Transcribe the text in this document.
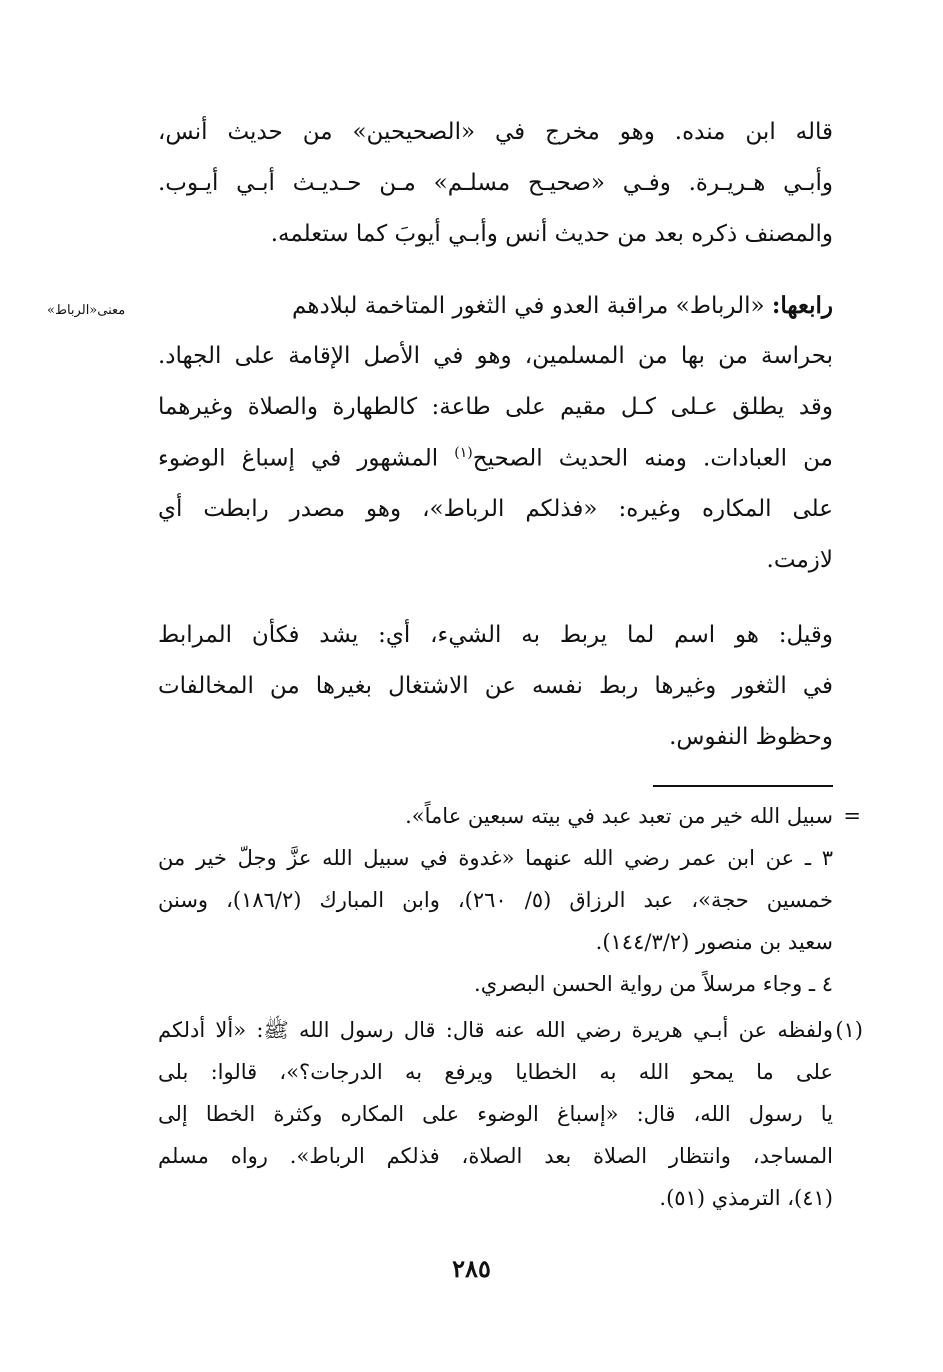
قاله ابن منده. وهو مخرج في «الصحيحين» من حديث أنس،
وأبـي هـريـرة. وفـي «صحيـح مسلـم» مـن حـديـث أبـي أيـوب.
والمصنف ذكره بعد من حديث أنس وأبـي أيوبَ كما ستعلمه.
رابعها: «الرباط» مراقبة العدو في الثغور المتاخمة لبلادهم
معنى«الرباط»
بحراسة من بها من المسلمين، وهو في الأصل الإقامة على الجهاد.
وقد يطلق عـلى كـل مقيم على طاعة: كالطهارة والصلاة وغيرهما
من العبادات. ومنه الحديث الصحيح$^{(١)}$ المشهور في إسباغ الوضوء
على المكاره وغيره: «فذلكم الرباط»، وهو مصدر رابطت أي
لازمت.
وقيل: هو اسم لما يربط به الشيء، أي: يشد فكأن المرابط
في الثغور وغيرها ربط نفسه عن الاشتغال بغيرها من المخالفات
وحظوظ النفوس.
=
سبيل الله خير من تعبد عبد في بيته سبعين عاماً».
٣ ـ عن ابن عمر رضي الله عنهما «غدوة في سبيل الله عزَّ وجلّ خير من
خمسين حجة»، عبد الرزاق (٥/ ٢٦٠)، وابن المبارك (١٨٦/٢)، وسنن
سعيد بن منصور (١٤٤/٣/٢).
٤ ـ وجاء مرسلاً من رواية الحسن البصري.
(١)
ولفظه عن أبـي هريرة رضي الله عنه قال: قال رسول الله ﷺ: «ألا أدلكم
على ما يمحو الله به الخطايا ويرفع به الدرجات؟»، قالوا: بلى
يا رسول الله، قال: «إسباغ الوضوء على المكاره وكثرة الخطا إلى
المساجد، وانتظار الصلاة بعد الصلاة، فذلكم الرباط». رواه مسلم
(٤١)، الترمذي (٥١).
٢٨٥
